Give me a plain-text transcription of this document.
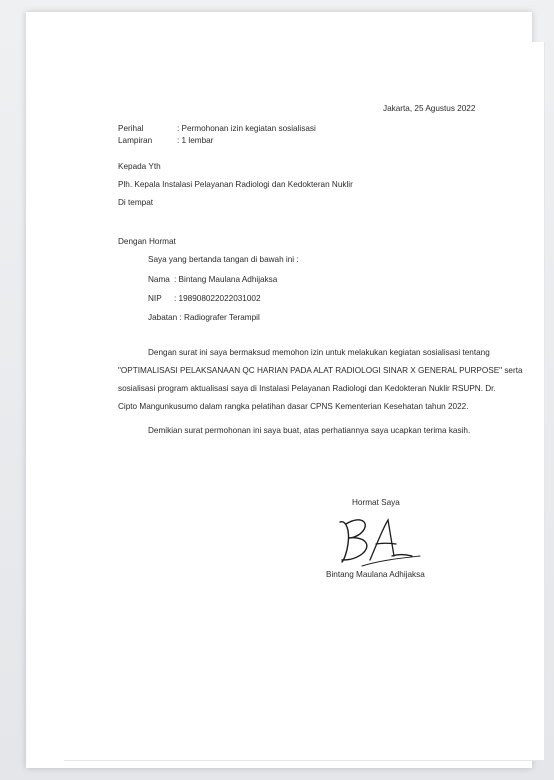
Jakarta, 25 Agustus 2022
Perihal	: Permohonan izin kegiatan sosialisasi
Lampiran	: 1 lembar
Kepada Yth
Plh. Kepala Instalasi Pelayanan Radiologi dan Kedokteran Nuklir
Di tempat
Dengan Hormat
Saya yang bertanda tangan di bawah ini :
Nama : Bintang Maulana Adhijaksa
NIP : 198908022022031002
Jabatan : Radiografer Terampil
Dengan surat ini saya bermaksud memohon izin untuk melakukan kegiatan sosialisasi tentang
"OPTIMALISASI PELAKSANAAN QC HARIAN PADA ALAT RADIOLOGI SINAR X GENERAL PURPOSE" serta
sosialisasi program aktualisasi saya di Instalasi Pelayanan Radiologi dan Kedokteran Nuklir RSUPN. Dr.
Cipto Mangunkusumo dalam rangka pelatihan dasar CPNS Kementerian Kesehatan tahun 2022.
Demikian surat permohonan ini saya buat, atas perhatiannya saya ucapkan terima kasih.
Hormat Saya
Bintang Maulana Adhijaksa
